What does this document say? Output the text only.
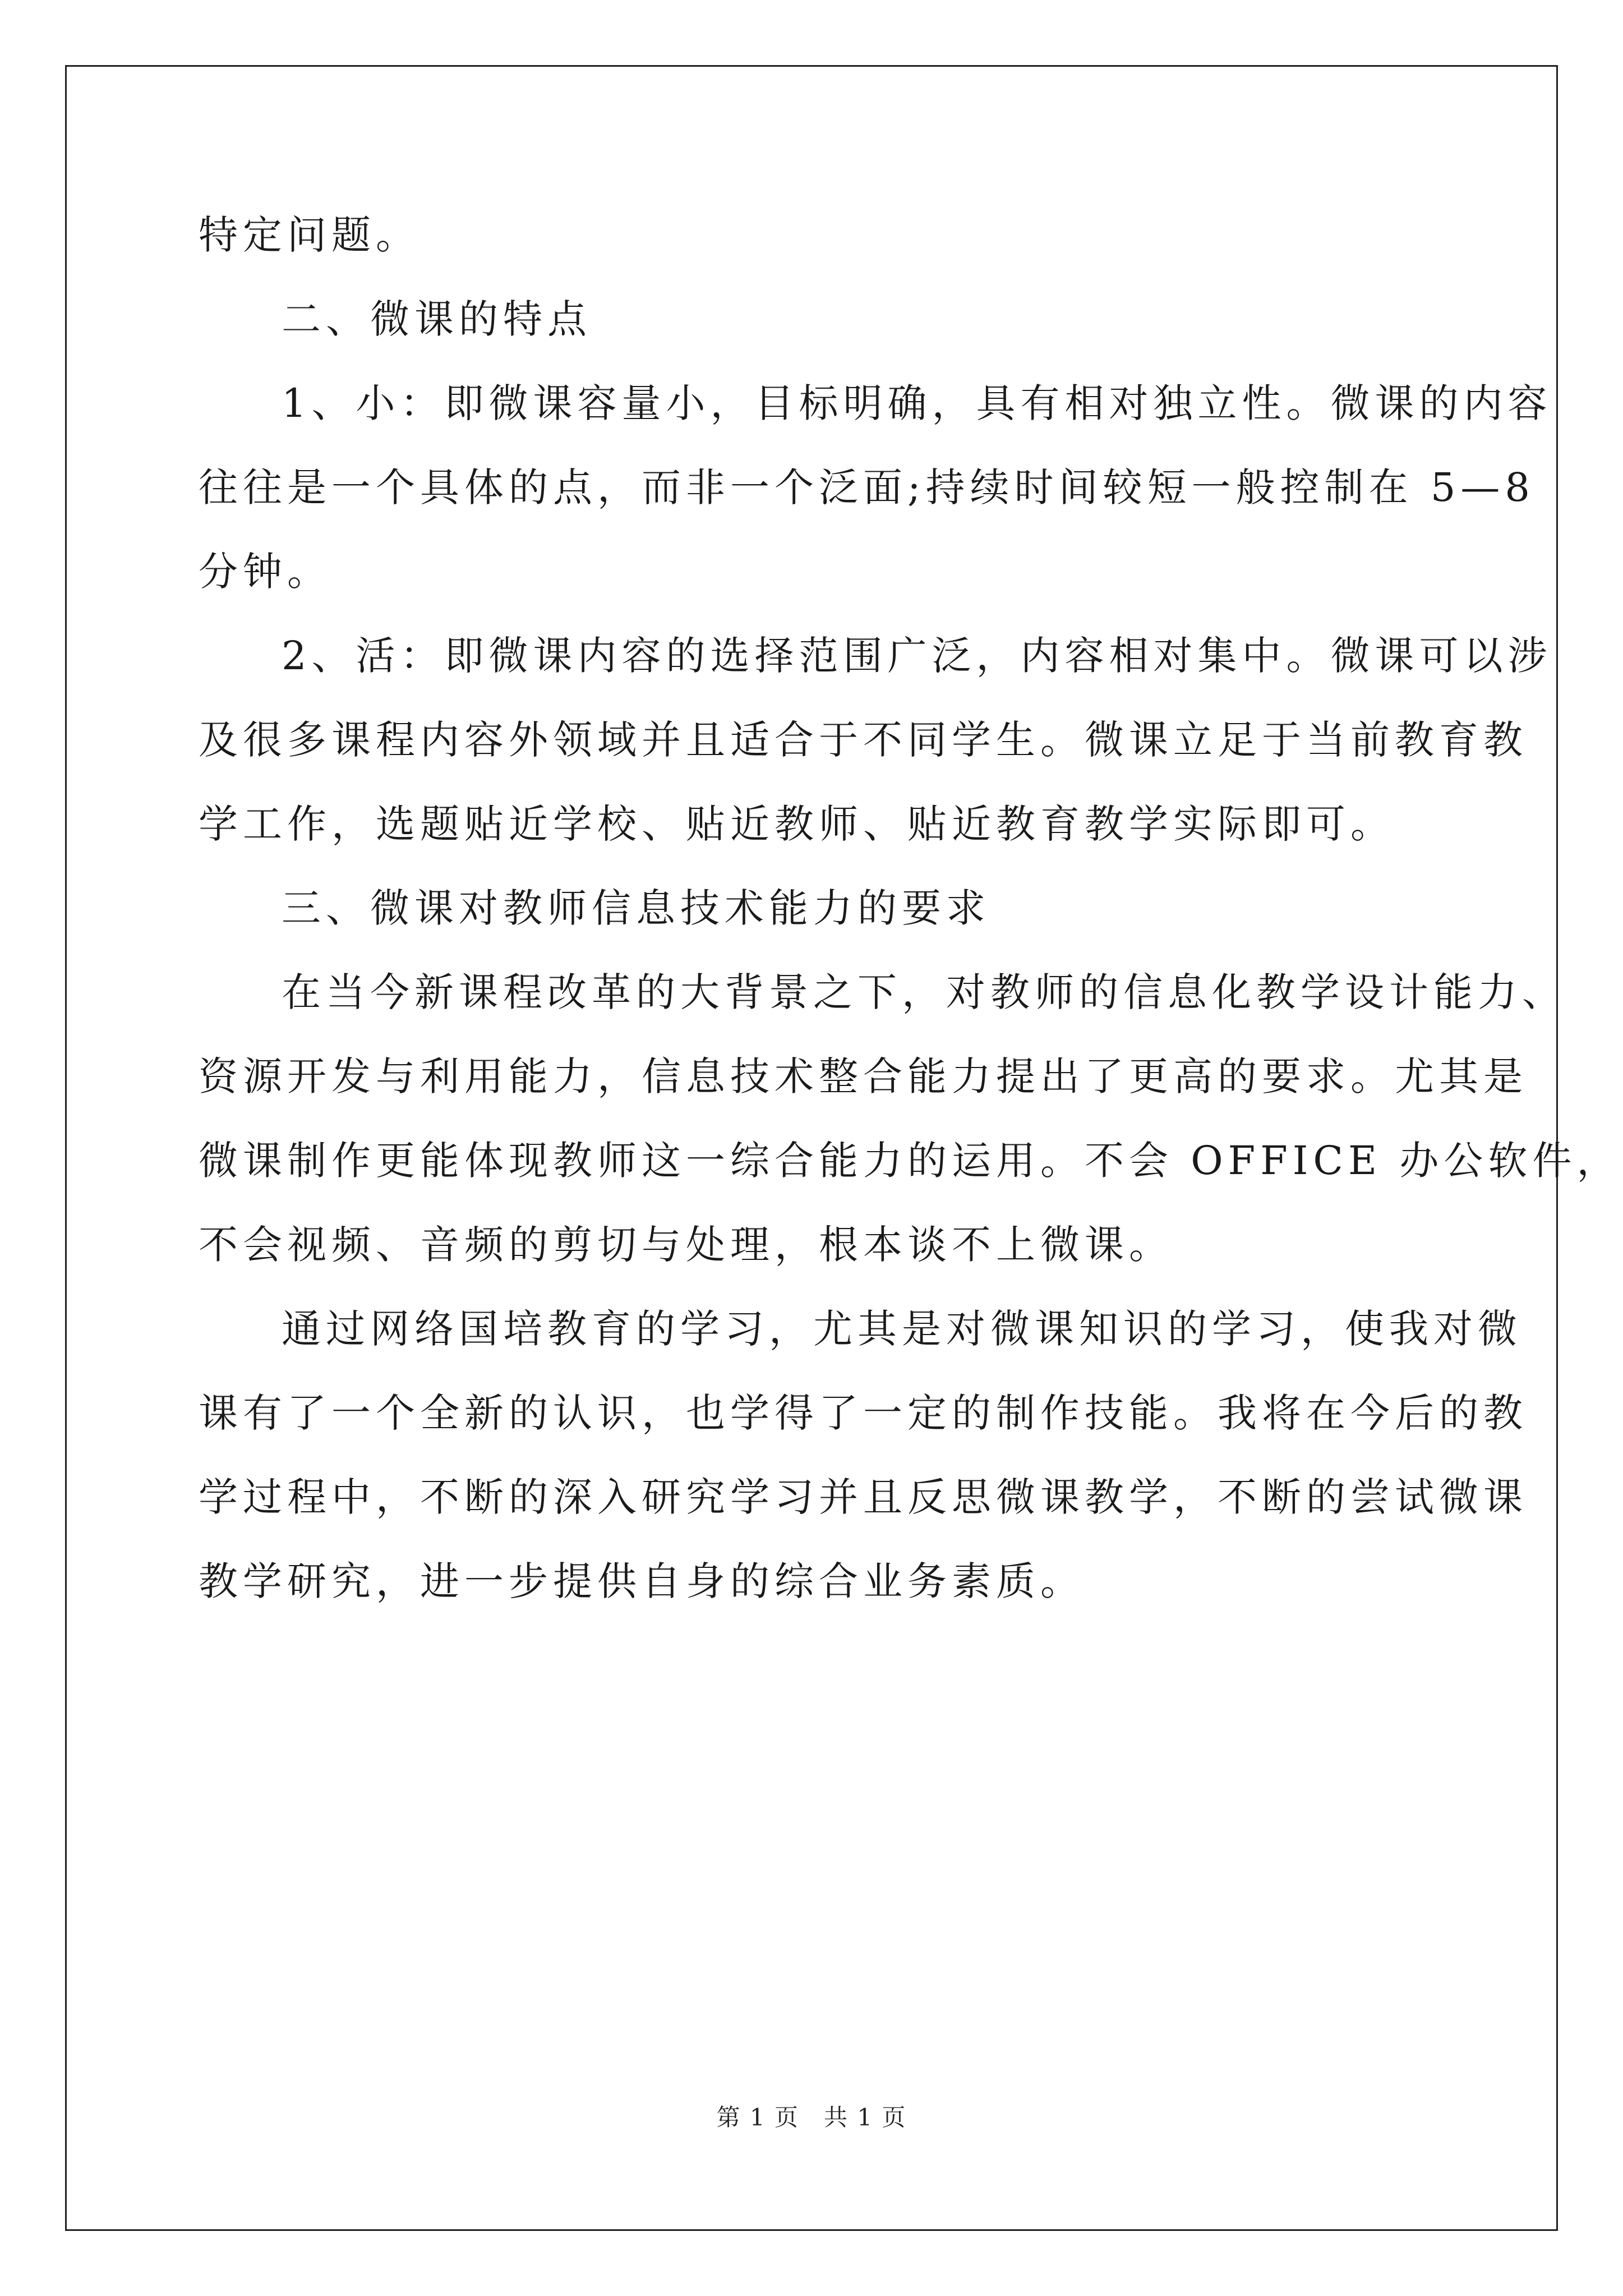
特定问题。
二、微课的特点
1、小：即微课容量小，目标明确，具有相对独立性。微课的内容
往往是一个具体的点，而非一个泛面;持续时间较短一般控制在 5—8
分钟。
2、活：即微课内容的选择范围广泛，内容相对集中。微课可以涉
及很多课程内容外领域并且适合于不同学生。微课立足于当前教育教
学工作，选题贴近学校、贴近教师、贴近教育教学实际即可。
三、微课对教师信息技术能力的要求
在当今新课程改革的大背景之下，对教师的信息化教学设计能力、
资源开发与利用能力，信息技术整合能力提出了更高的要求。尤其是
微课制作更能体现教师这一综合能力的运用。不会 OFFICE 办公软件，
不会视频、音频的剪切与处理，根本谈不上微课。
通过网络国培教育的学习，尤其是对微课知识的学习，使我对微
课有了一个全新的认识，也学得了一定的制作技能。我将在今后的教
学过程中，不断的深入研究学习并且反思微课教学，不断的尝试微课
教学研究，进一步提供自身的综合业务素质。
第 1 页　共 1 页
